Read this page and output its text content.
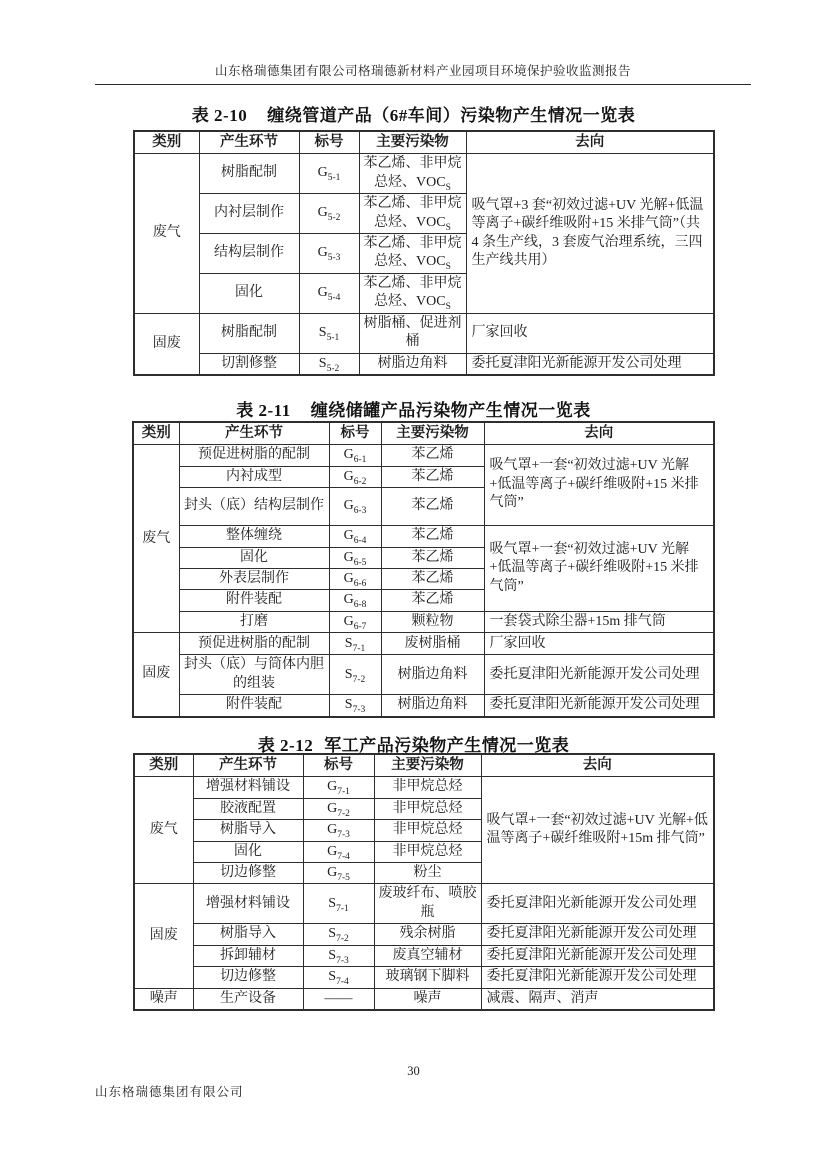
山东格瑞德集团有限公司格瑞德新材料产业园项目环境保护验收监测报告
表 2-10 缠绕管道产品（6#车间）污染物产生情况一览表
类别	产生环节	标号	主要污染物	去向
废气	树脂配制	$G_{5-1}$	苯乙烯、非甲烷总烃、$VOC_S$	吸气罩+3 套“初效过滤+UV 光解+低温等离子+碳纤维吸附+15 米排气筒”（共 4 条生产线，3 套废气治理系统，三四生产线共用）
	内衬层制作	$G_{5-2}$	苯乙烯、非甲烷总烃、$VOC_S$
	结构层制作	$G_{5-3}$	苯乙烯、非甲烷总烃、$VOC_S$
	固化	$G_{5-4}$	苯乙烯、非甲烷总烃、$VOC_S$
固废	树脂配制	$S_{5-1}$	树脂桶、促进剂桶	厂家回收
	切割修整	$S_{5-2}$	树脂边角料	委托夏津阳光新能源开发公司处理
表 2-11 缠绕储罐产品污染物产生情况一览表
类别	产生环节	标号	主要污染物	去向
废气	预促进树脂的配制	$G_{6-1}$	苯乙烯	吸气罩+一套“初效过滤+UV 光解+低温等离子+碳纤维吸附+15 米排气筒”
	内衬成型	$G_{6-2}$	苯乙烯	
	封头（底）结构层制作	$G_{6-3}$	苯乙烯	
	整体缠绕	$G_{6-4}$	苯乙烯	吸气罩+一套“初效过滤+UV 光解+低温等离子+碳纤维吸附+15 米排气筒”
	固化	$G_{6-5}$	苯乙烯	
	外表层制作	$G_{6-6}$	苯乙烯	
	附件装配	$G_{6-8}$	苯乙烯	
	打磨	$G_{6-7}$	颗粒物	一套袋式除尘器+15m 排气筒
固废	预促进树脂的配制	$S_{7-1}$	废树脂桶	厂家回收
	封头（底）与筒体内胆的组装	$S_{7-2}$	树脂边角料	委托夏津阳光新能源开发公司处理
	附件装配	$S_{7-3}$	树脂边角料	委托夏津阳光新能源开发公司处理
表 2-12 军工产品污染物产生情况一览表
类别	产生环节	标号	主要污染物	去向
废气	增强材料铺设	$G_{7-1}$	非甲烷总烃	吸气罩+一套“初效过滤+UV 光解+低温等离子+碳纤维吸附+15m 排气筒”
	胶液配置	$G_{7-2}$	非甲烷总烃	
	树脂导入	$G_{7-3}$	非甲烷总烃	
	固化	$G_{7-4}$	非甲烷总烃	
	切边修整	$G_{7-5}$	粉尘	
固废	增强材料铺设	$S_{7-1}$	废玻纤布、喷胶瓶	委托夏津阳光新能源开发公司处理
	树脂导入	$S_{7-2}$	残余树脂	委托夏津阳光新能源开发公司处理
	拆卸辅材	$S_{7-3}$	废真空辅材	委托夏津阳光新能源开发公司处理
	切边修整	$S_{7-4}$	玻璃钢下脚料	委托夏津阳光新能源开发公司处理
噪声	生产设备	——	噪声	减震、隔声、消声
30
山东格瑞德集团有限公司
